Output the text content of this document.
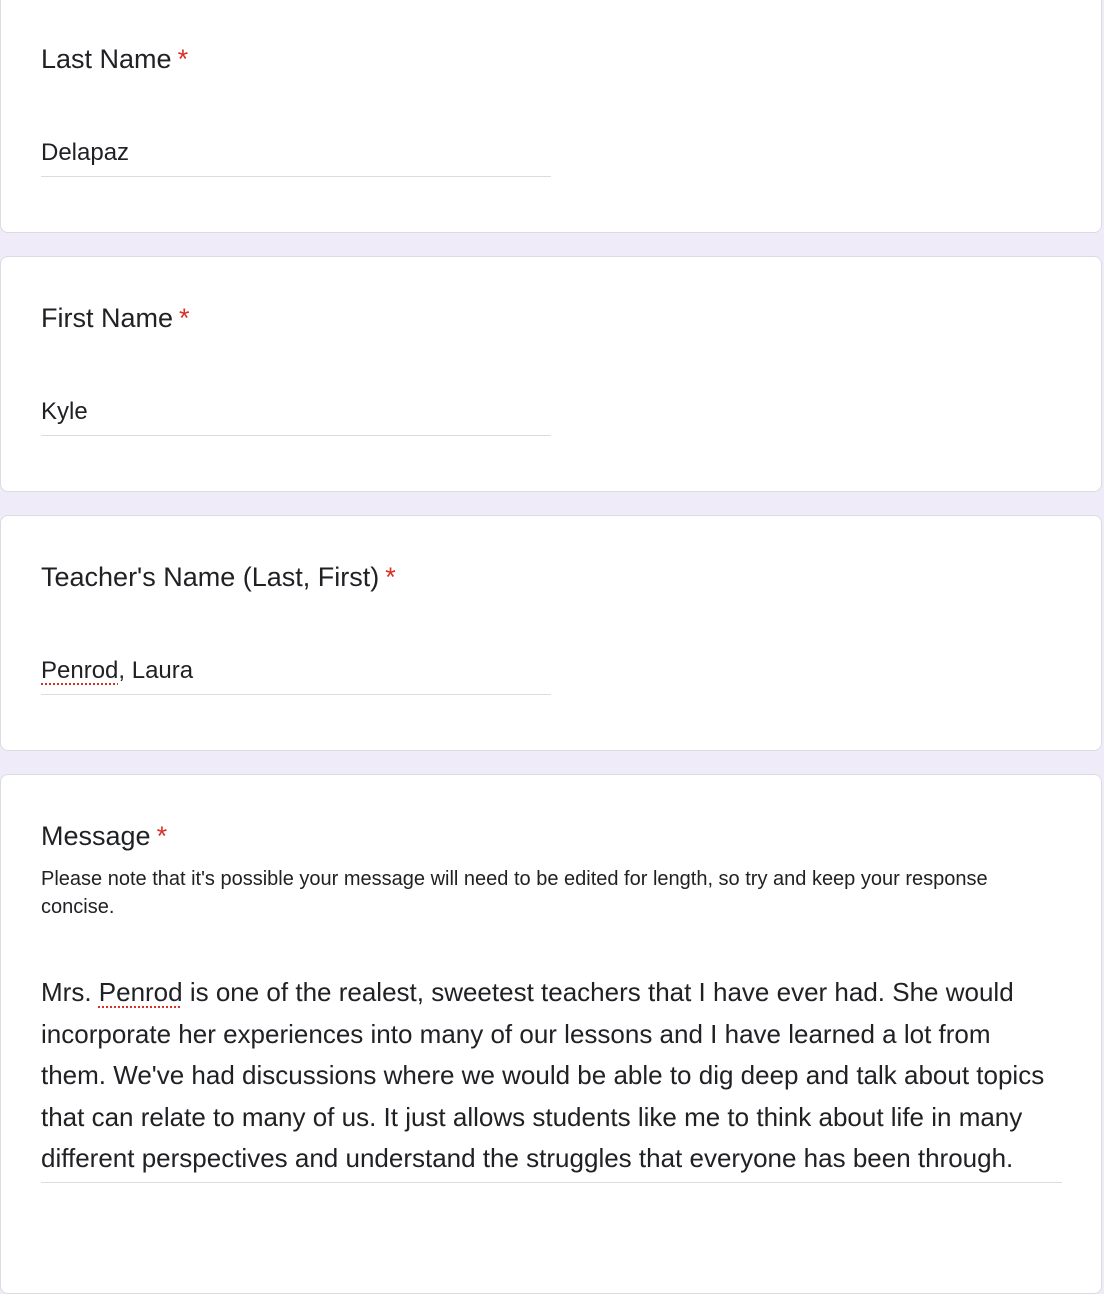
Last Name *
Delapaz
First Name *
Kyle
Teacher's Name (Last, First) *
Penrod, Laura
Message *
Please note that it's possible your message will need to be edited for length, so try and keep your response concise.
Mrs. Penrod is one of the realest, sweetest teachers that I have ever had. She would incorporate her experiences into many of our lessons and I have learned a lot from them. We've had discussions where we would be able to dig deep and talk about topics that can relate to many of us. It just allows students like me to think about life in many different perspectives and understand the struggles that everyone has been through.
